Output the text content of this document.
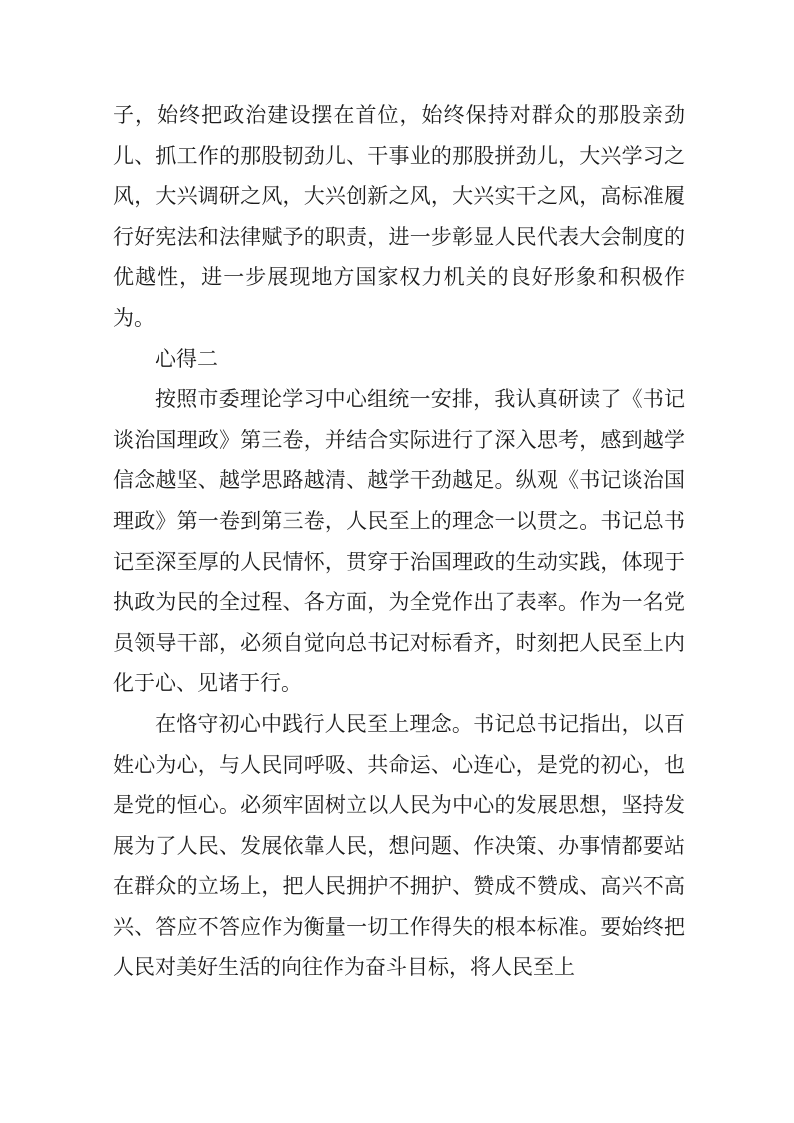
子，始终把政治建设摆在首位，始终保持对群众的那股亲劲儿、抓工作的那股韧劲儿、干事业的那股拼劲儿，大兴学习之风，大兴调研之风，大兴创新之风，大兴实干之风，高标准履行好宪法和法律赋予的职责，进一步彰显人民代表大会制度的优越性，进一步展现地方国家权力机关的良好形象和积极作为。

心得二

按照市委理论学习中心组统一安排，我认真研读了《书记谈治国理政》第三卷，并结合实际进行了深入思考，感到越学信念越坚、越学思路越清、越学干劲越足。纵观《书记谈治国理政》第一卷到第三卷，人民至上的理念一以贯之。书记总书记至深至厚的人民情怀，贯穿于治国理政的生动实践，体现于执政为民的全过程、各方面，为全党作出了表率。作为一名党员领导干部，必须自觉向总书记对标看齐，时刻把人民至上内化于心、见诸于行。

在恪守初心中践行人民至上理念。书记总书记指出，以百姓心为心，与人民同呼吸、共命运、心连心，是党的初心，也是党的恒心。必须牢固树立以人民为中心的发展思想，坚持发展为了人民、发展依靠人民，想问题、作决策、办事情都要站在群众的立场上，把人民拥护不拥护、赞成不赞成、高兴不高兴、答应不答应作为衡量一切工作得失的根本标准。要始终把人民对美好生活的向往作为奋斗目标，将人民至上
